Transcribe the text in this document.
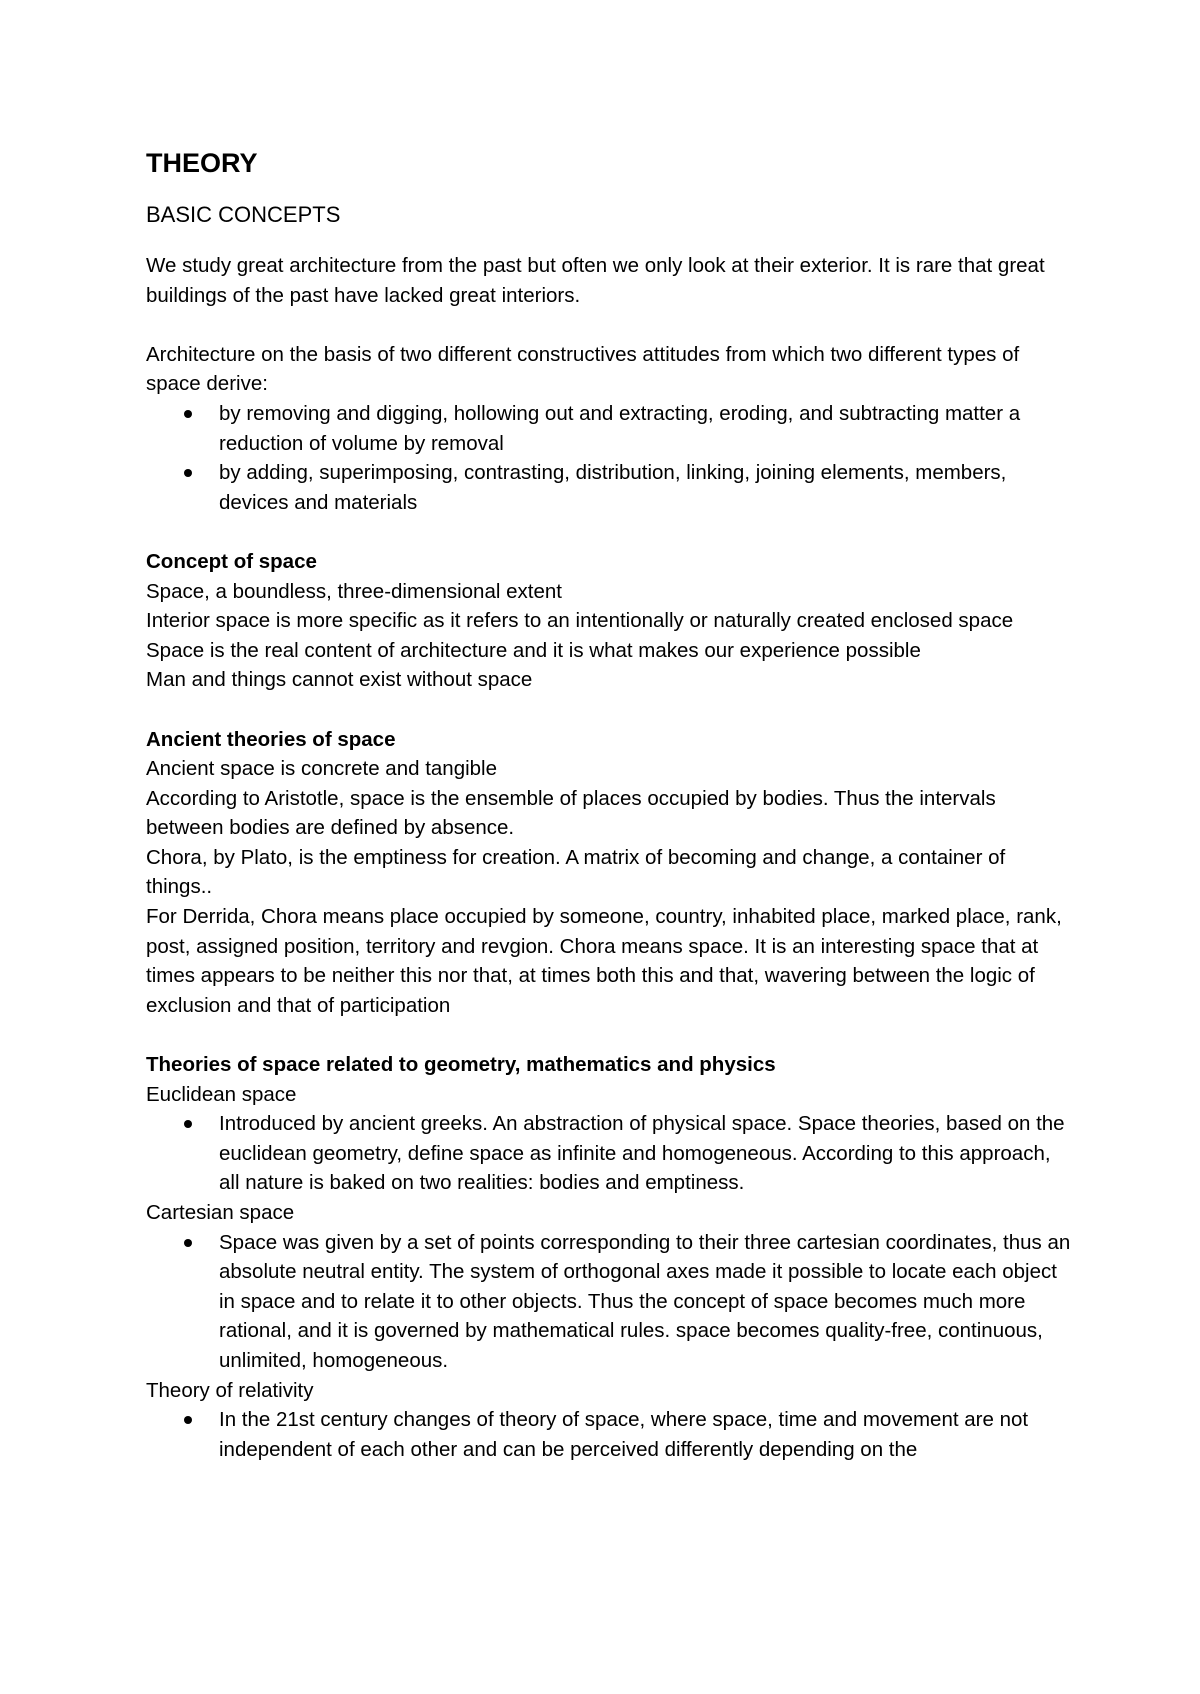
THEORY
BASIC CONCEPTS

We study great architecture from the past but often we only look at their exterior. It is rare that great buildings of the past have lacked great interiors.

Architecture on the basis of two different constructives attitudes from which two different types of space derive:

by removing and digging, hollowing out and extracting, eroding, and subtracting matter a reduction of volume by removal
by adding, superimposing, contrasting, distribution, linking, joining elements, members, devices and materials

Concept of space

Space, a boundless, three-dimensional extent

Interior space is more specific as it refers to an intentionally or naturally created enclosed space

Space is the real content of architecture and it is what makes our experience possible

Man and things cannot exist without space

Ancient theories of space

Ancient space is concrete and tangible

According to Aristotle, space is the ensemble of places occupied by bodies. Thus the intervals between bodies are defined by absence.

Chora, by Plato, is the emptiness for creation. A matrix of becoming and change, a container of things..

For Derrida, Chora means place occupied by someone, country, inhabited place, marked place, rank, post, assigned position, territory and revgion. Chora means space. It is an interesting space that at times appears to be neither this nor that, at times both this and that, wavering between the logic of exclusion and that of participation

Theories of space related to geometry, mathematics and physics

Euclidean space

Introduced by ancient greeks. An abstraction of physical space. Space theories, based on the euclidean geometry, define space as infinite and homogeneous. According to this approach, all nature is baked on two realities: bodies and emptiness.

Cartesian space

Space was given by a set of points corresponding to their three cartesian coordinates, thus an absolute neutral entity. The system of orthogonal axes made it possible to locate each object in space and to relate it to other objects. Thus the concept of space becomes much more rational, and it is governed by mathematical rules. space becomes quality-free, continuous, unlimited, homogeneous.

Theory of relativity

In the 21st century changes of theory of space, where space, time and movement are not independent of each other and can be perceived differently depending on the
